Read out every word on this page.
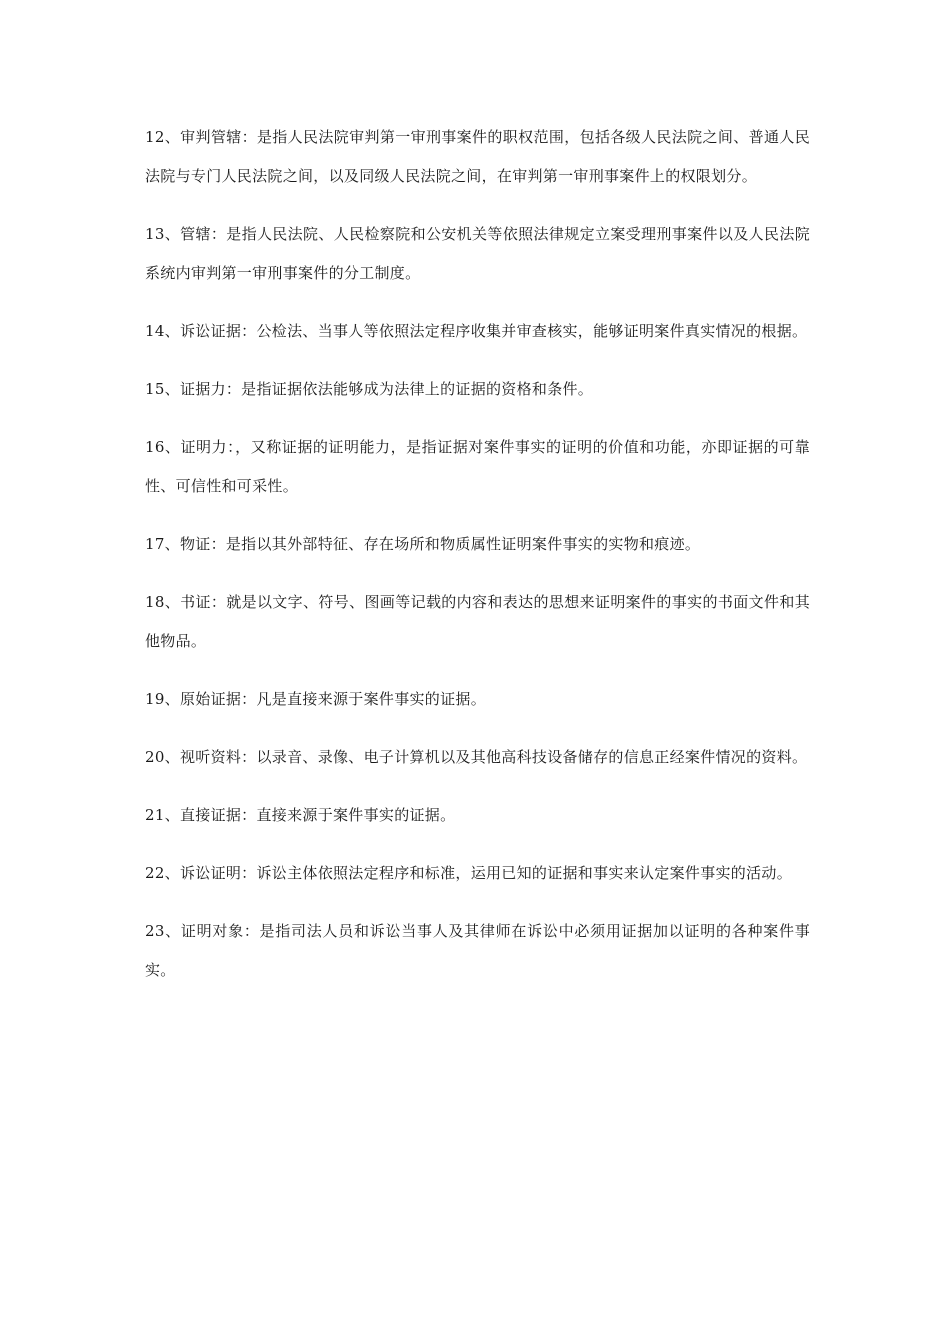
12、审判管辖：是指人民法院审判第一审刑事案件的职权范围，包括各级人民法院之间、普通人民法院与专门人民法院之间，以及同级人民法院之间，在审判第一审刑事案件上的权限划分。

13、管辖：是指人民法院、人民检察院和公安机关等依照法律规定立案受理刑事案件以及人民法院系统内审判第一审刑事案件的分工制度。

14、诉讼证据：公检法、当事人等依照法定程序收集并审查核实，能够证明案件真实情况的根据。

15、证据力：是指证据依法能够成为法律上的证据的资格和条件。

16、证明力：，又称证据的证明能力，是指证据对案件事实的证明的价值和功能，亦即证据的可靠性、可信性和可采性。

17、物证：是指以其外部特征、存在场所和物质属性证明案件事实的实物和痕迹。

18、书证：就是以文字、符号、图画等记载的内容和表达的思想来证明案件的事实的书面文件和其他物品。

19、原始证据：凡是直接来源于案件事实的证据。

20、视听资料：以录音、录像、电子计算机以及其他高科技设备储存的信息正经案件情况的资料。

21、直接证据：直接来源于案件事实的证据。

22、诉讼证明：诉讼主体依照法定程序和标准，运用已知的证据和事实来认定案件事实的活动。

23、证明对象：是指司法人员和诉讼当事人及其律师在诉讼中必须用证据加以证明的各种案件事实。
